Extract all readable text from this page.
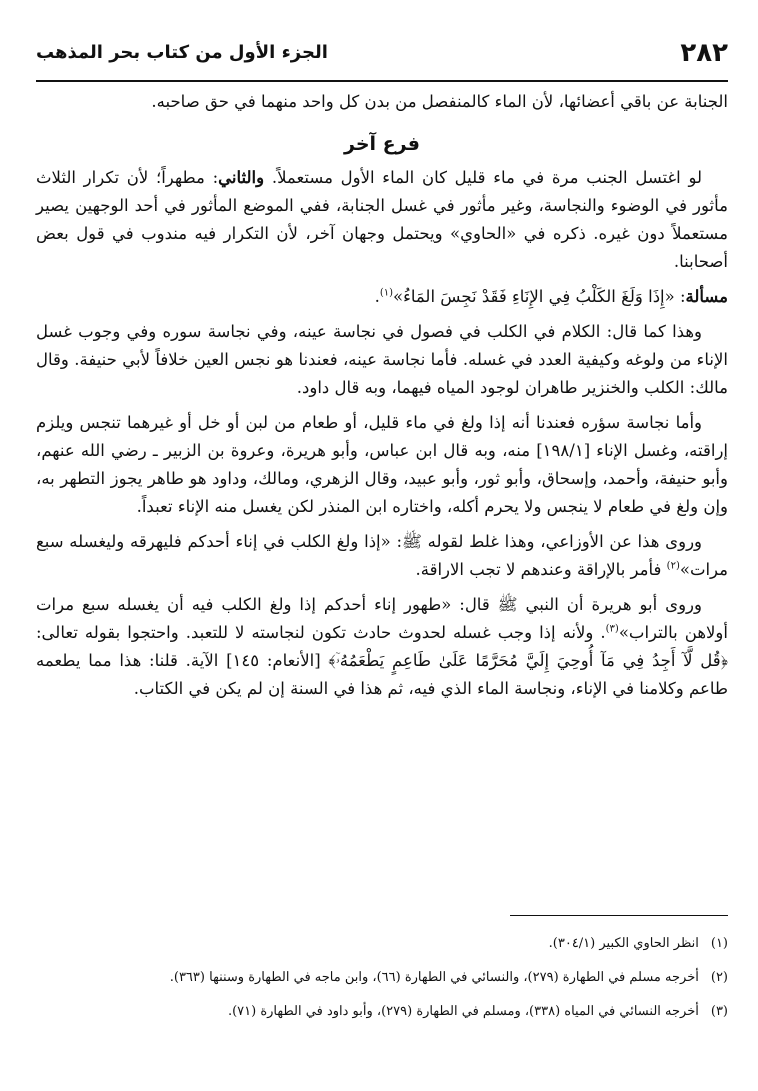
٢٨٢
الجزء الأول من كتاب بحر المذهب

الجنابة عن باقي أعضائها، لأن الماء كالمنفصل من بدن كل واحد منهما في حق صاحبه.

فرع آخر

لو اغتسل الجنب مرة في ماء قليل كان الماء الأول مستعملاً. والثاني: مطهراً؛ لأن تكرار الثلاث مأثور في الوضوء والنجاسة، وغير مأثور في غسل الجنابة، ففي الموضع المأثور في أحد الوجهين يصير مستعملاً دون غيره. ذكره في «الحاوي» ويحتمل وجهان آخر، لأن التكرار فيه مندوب في قول بعض أصحابنا.

مسألة: «إِذَا وَلَغَ الكَلْبُ فِي الإِنَاءِ فَقَدْ نَجِسَ المَاءُ»$^{(١)}$.

وهذا كما قال: الكلام في الكلب في فصول في نجاسة عينه، وفي نجاسة سوره وفي وجوب غسل الإناء من ولوغه وكيفية العدد في غسله. فأما نجاسة عينه، فعندنا هو نجس العين خلافاً لأبي حنيفة. وقال مالك: الكلب والخنزير طاهران لوجود المياه فيهما، وبه قال داود.

وأما نجاسة سؤره فعندنا أنه إذا ولغ في ماء قليل، أو طعام من لبن أو خل أو غيرهما تنجس ويلزم إراقته، وغسل الإناء [١٩٨/١] منه، وبه قال ابن عباس، وأبو هريرة، وعروة بن الزبير ـ رضي الله عنهم، وأبو حنيفة، وأحمد، وإسحاق، وأبو ثور، وأبو عبيد، وقال الزهري، ومالك، وداود هو طاهر يجوز التطهر به، وإن ولغ في طعام لا ينجس ولا يحرم أكله، واختاره ابن المنذر لكن يغسل منه الإناء تعبداً.

وروى هذا عن الأوزاعي، وهذا غلط لقوله ﷺ: «إذا ولغ الكلب في إناء أحدكم فليهرقه وليغسله سبع مرات»$^{(٢)}$ فأمر بالإراقة وعندهم لا تجب الاراقة.

وروى أبو هريرة أن النبي ﷺ قال: «طهور إناء أحدكم إذا ولغ الكلب فيه أن يغسله سبع مرات أولاهن بالتراب»$^{(٣)}$. ولأنه إذا وجب غسله لحدوث حادث تكون لنجاسته لا للتعبد. واحتجوا بقوله تعالى: ﴿قُل لَّآ أَجِدُ فِي مَآ أُوحِيَ إِلَيَّ مُحَرَّمًا عَلَىٰ طَاعِمٍ يَطْعَمُهُۥٓ﴾ [الأنعام: ١٤٥] الآية. قلنا: هذا مما يطعمه طاعم وكلامنا في الإناء، ونجاسة الماء الذي فيه، ثم هذا في السنة إن لم يكن في الكتاب.

(١)انظر الحاوي الكبير (٣٠٤/١).
(٢)أخرجه مسلم في الطهارة (٢٧٩)، والنسائي في الطهارة (٦٦)، وابن ماجه في الطهارة وسننها (٣٦٣).
(٣)أخرجه النسائي في المياه (٣٣٨)، ومسلم في الطهارة (٢٧٩)، وأبو داود في الطهارة (٧١).
